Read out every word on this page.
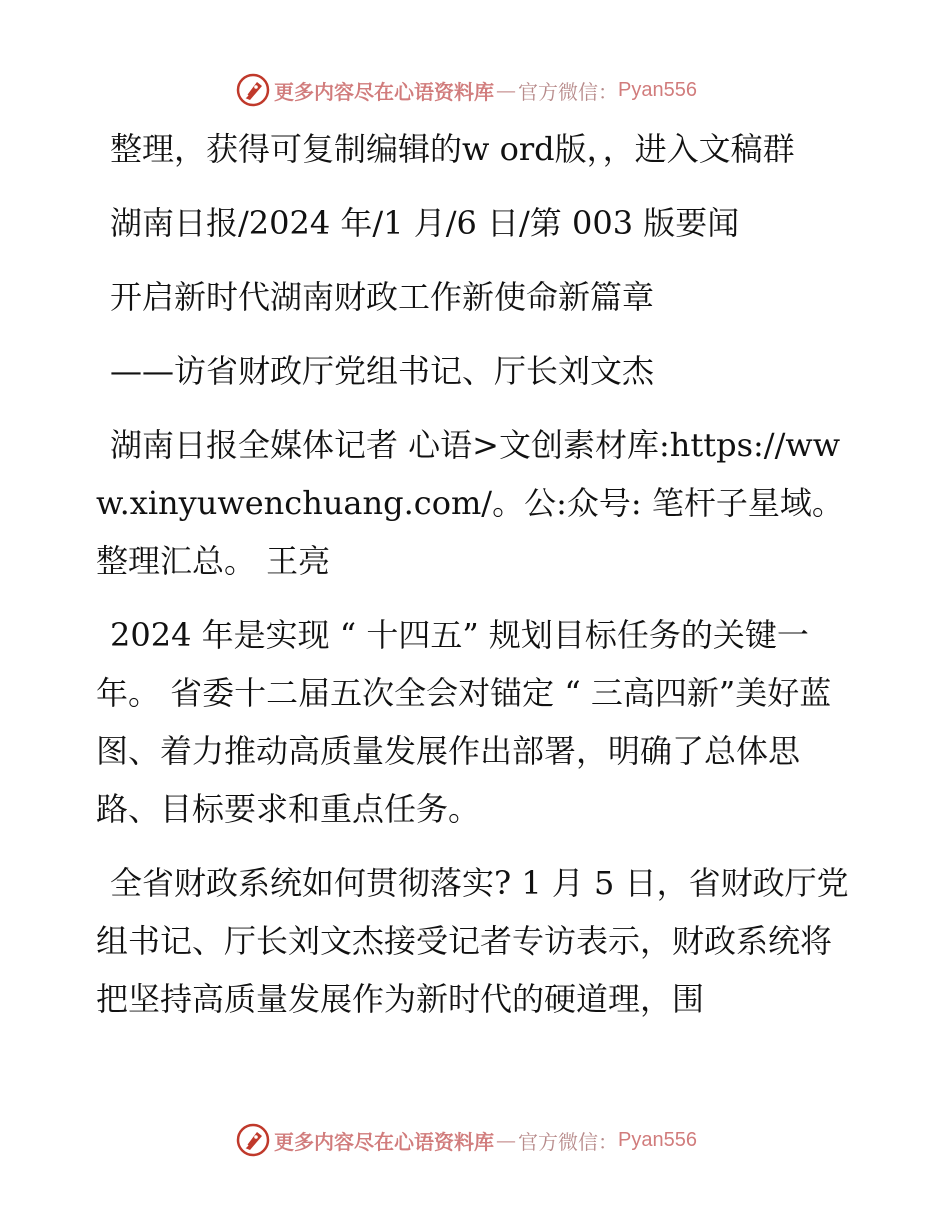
更多内容尽在心语资料库 — 官方微信： Pyan556

整理，获得可复制编辑的w ord版，，进入文稿群

湖南日报/2024 年/1 月/6 日/第 003 版要闻

开启新时代湖南财政工作新使命新篇章

——访省财政厅党组书记、厅长刘文杰

湖南日报全媒体记者 心语>文创素材库:https://www.xinyuwenchuang.com/。公:众号: 笔杆子星域。整理汇总。 王亮

2024 年是实现 “ 十四五” 规划目标任务的关键一年。 省委十二届五次全会对锚定 “ 三高四新”美好蓝图、着力推动高质量发展作出部署，明确了总体思路、目标要求和重点任务。

全省财政系统如何贯彻落实? 1 月 5 日，省财政厅党组书记、厅长刘文杰接受记者专访表示，财政系统将把坚持高质量发展作为新时代的硬道理，围

更多内容尽在心语资料库 — 官方微信： Pyan556
